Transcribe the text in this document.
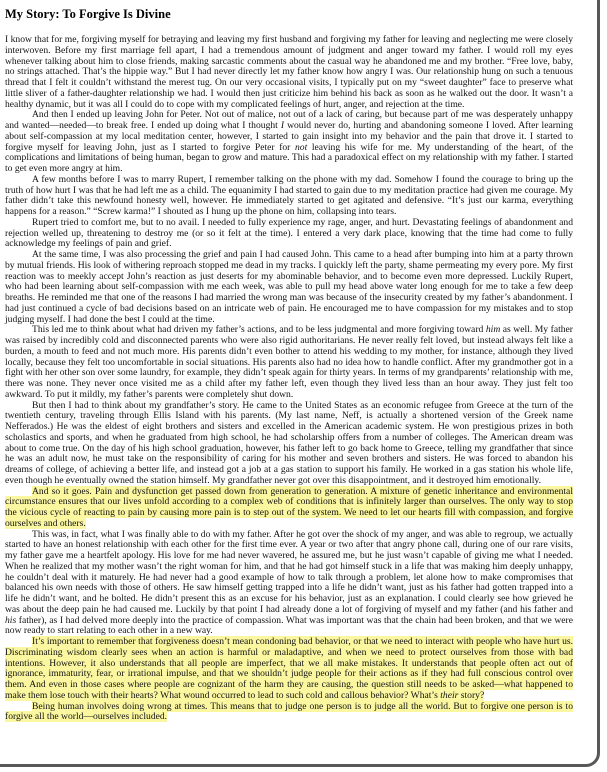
My Story: To Forgive Is Divine

I know that for me, forgiving myself for betraying and leaving my first husband and forgiving my father for leaving and neglecting me were closely interwoven. Before my first marriage fell apart, I had a tremendous amount of judgment and anger toward my father. I would roll my eyes whenever talking about him to close friends, making sarcastic comments about the casual way he abandoned me and my brother. “Free love, baby, no strings attached. That’s the hippie way.” But I had never directly let my father know how angry I was. Our relationship hung on such a tenuous thread that I felt it couldn’t withstand the merest tug. On our very occasional visits, I typically put on my “sweet daughter” face to preserve what little sliver of a father-daughter relationship we had. I would then just criticize him behind his back as soon as he walked out the door. It wasn’t a healthy dynamic, but it was all I could do to cope with my complicated feelings of hurt, anger, and rejection at the time.

And then I ended up leaving John for Peter. Not out of malice, not out of a lack of caring, but because part of me was desperately unhappy and wanted—needed—to break free. I ended up doing what I thought I would never do, hurting and abandoning someone I loved. After learning about self-compassion at my local meditation center, however, I started to gain insight into my behavior and the pain that drove it. I started to forgive myself for leaving John, just as I started to forgive Peter for not leaving his wife for me. My understanding of the heart, of the complications and limitations of being human, began to grow and mature. This had a paradoxical effect on my relationship with my father. I started to get even more angry at him.

A few months before I was to marry Rupert, I remember talking on the phone with my dad. Somehow I found the courage to bring up the truth of how hurt I was that he had left me as a child. The equanimity I had started to gain due to my meditation practice had given me courage. My father didn’t take this newfound honesty well, however. He immediately started to get agitated and defensive. “It’s just our karma, everything happens for a reason.” “Screw karma!” I shouted as I hung up the phone on him, collapsing into tears.

Rupert tried to comfort me, but to no avail. I needed to fully experience my rage, anger, and hurt. Devastating feelings of abandonment and rejection welled up, threatening to destroy me (or so it felt at the time). I entered a very dark place, knowing that the time had come to fully acknowledge my feelings of pain and grief.

At the same time, I was also processing the grief and pain I had caused John. This came to a head after bumping into him at a party thrown by mutual friends. His look of withering reproach stopped me dead in my tracks. I quickly left the party, shame permeating my every pore. My first reaction was to meekly accept John’s reaction as just deserts for my abominable behavior, and to become even more depressed. Luckily Rupert, who had been learning about self-compassion with me each week, was able to pull my head above water long enough for me to take a few deep breaths. He reminded me that one of the reasons I had married the wrong man was because of the insecurity created by my father’s abandonment. I had just continued a cycle of bad decisions based on an intricate web of pain. He encouraged me to have compassion for my mistakes and to stop judging myself. I had done the best I could at the time.

This led me to think about what had driven my father’s actions, and to be less judgmental and more forgiving toward him as well. My father was raised by incredibly cold and disconnected parents who were also rigid authoritarians. He never really felt loved, but instead always felt like a burden, a mouth to feed and not much more. His parents didn’t even bother to attend his wedding to my mother, for instance, although they lived locally, because they felt too uncomfortable in social situations. His parents also had no idea how to handle conflict. After my grandmother got in a fight with her other son over some laundry, for example, they didn’t speak again for thirty years. In terms of my grandparents’ relationship with me, there was none. They never once visited me as a child after my father left, even though they lived less than an hour away. They just felt too awkward. To put it mildly, my father’s parents were completely shut down.

But then I had to think about my grandfather’s story. He came to the United States as an economic refugee from Greece at the turn of the twentieth century, traveling through Ellis Island with his parents. (My last name, Neff, is actually a shortened version of the Greek name Nefferados.) He was the eldest of eight brothers and sisters and excelled in the American academic system. He won prestigious prizes in both scholastics and sports, and when he graduated from high school, he had scholarship offers from a number of colleges. The American dream was about to come true. On the day of his high school graduation, however, his father left to go back home to Greece, telling my grandfather that since he was an adult now, he must take on the responsibility of caring for his mother and seven brothers and sisters. He was forced to abandon his dreams of college, of achieving a better life, and instead got a job at a gas station to support his family. He worked in a gas station his whole life, even though he eventually owned the station himself. My grandfather never got over this disappointment, and it destroyed him emotionally.

And so it goes. Pain and dysfunction get passed down from generation to generation. A mixture of genetic inheritance and environmental circumstance ensures that our lives unfold according to a complex web of conditions that is infinitely larger than ourselves. The only way to stop the vicious cycle of reacting to pain by causing more pain is to step out of the system. We need to let our hearts fill with compassion, and forgive ourselves and others.

This was, in fact, what I was finally able to do with my father. After he got over the shock of my anger, and was able to regroup, we actually started to have an honest relationship with each other for the first time ever. A year or two after that angry phone call, during one of our rare visits, my father gave me a heartfelt apology. His love for me had never wavered, he assured me, but he just wasn’t capable of giving me what I needed. When he realized that my mother wasn’t the right woman for him, and that he had got himself stuck in a life that was making him deeply unhappy, he couldn’t deal with it maturely. He had never had a good example of how to talk through a problem, let alone how to make compromises that balanced his own needs with those of others. He saw himself getting trapped into a life he didn’t want, just as his father had gotten trapped into a life he didn’t want, and he bolted. He didn’t present this as an excuse for his behavior, just as an explanation. I could clearly see how grieved he was about the deep pain he had caused me. Luckily by that point I had already done a lot of forgiving of myself and my father (and his father and his father), as I had delved more deeply into the practice of compassion. What was important was that the chain had been broken, and that we were now ready to start relating to each other in a new way.

It’s important to remember that forgiveness doesn’t mean condoning bad behavior, or that we need to interact with people who have hurt us. Discriminating wisdom clearly sees when an action is harmful or maladaptive, and when we need to protect ourselves from those with bad intentions. However, it also understands that all people are imperfect, that we all make mistakes. It understands that people often act out of ignorance, immaturity, fear, or irrational impulse, and that we shouldn’t judge people for their actions as if they had full conscious control over them. And even in those cases where people are cognizant of the harm they are causing, the question still needs to be asked—what happened to make them lose touch with their hearts? What wound occurred to lead to such cold and callous behavior? What’s their story?

Being human involves doing wrong at times. This means that to judge one person is to judge all the world. But to forgive one person is to forgive all the world—ourselves included.
